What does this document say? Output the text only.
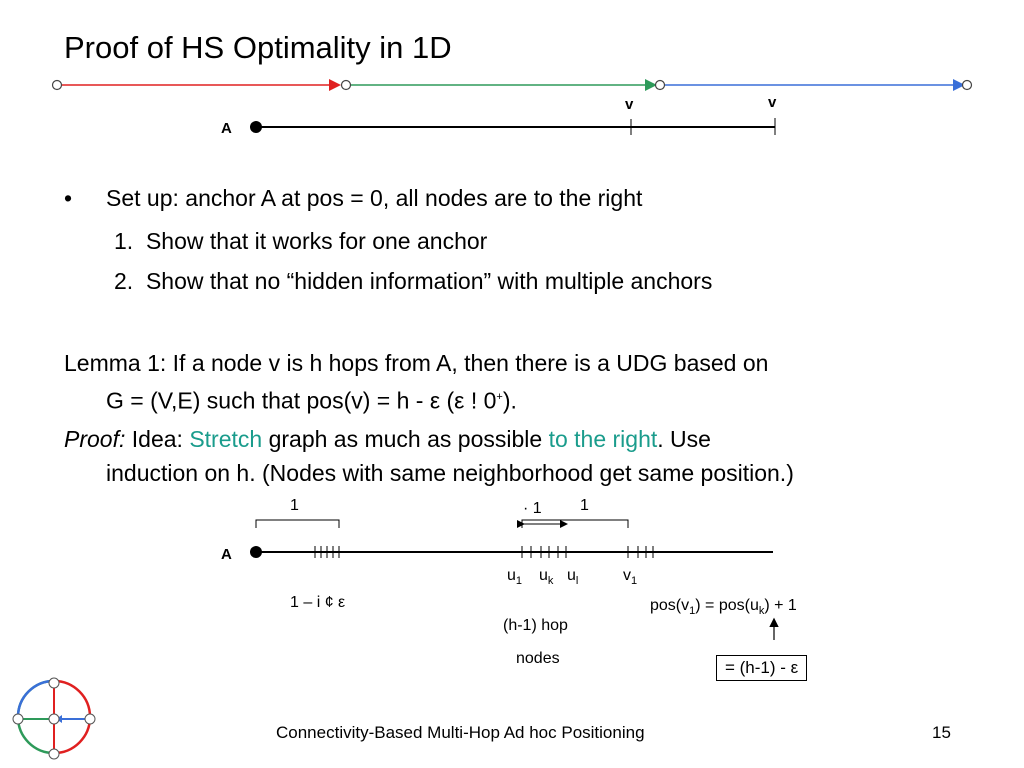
Proof of HS Optimality in 1D
A
v	v
• Set up: anchor A at pos = 0, all nodes are to the right
1. Show that it works for one anchor
2. Show that no “hidden information” with multiple anchors
Lemma 1: If a node v is h hops from A, then there is a UDG based on
G = (V,E) such that pos(v) = h - ε (ε ! 0+).
Proof: Idea: Stretch graph as much as possible to the right. Use
induction on h. (Nodes with same neighborhood get same position.)
1	1
· 1
A
$u_1$ $u_k$ $u_l$	$v_1$
1 – i ¢ ε
(h-1) hop
nodes
$pos(v_1) = pos(u_k) + 1$
= (h-1) - ε
Connectivity-Based Multi-Hop Ad hoc Positioning	15
